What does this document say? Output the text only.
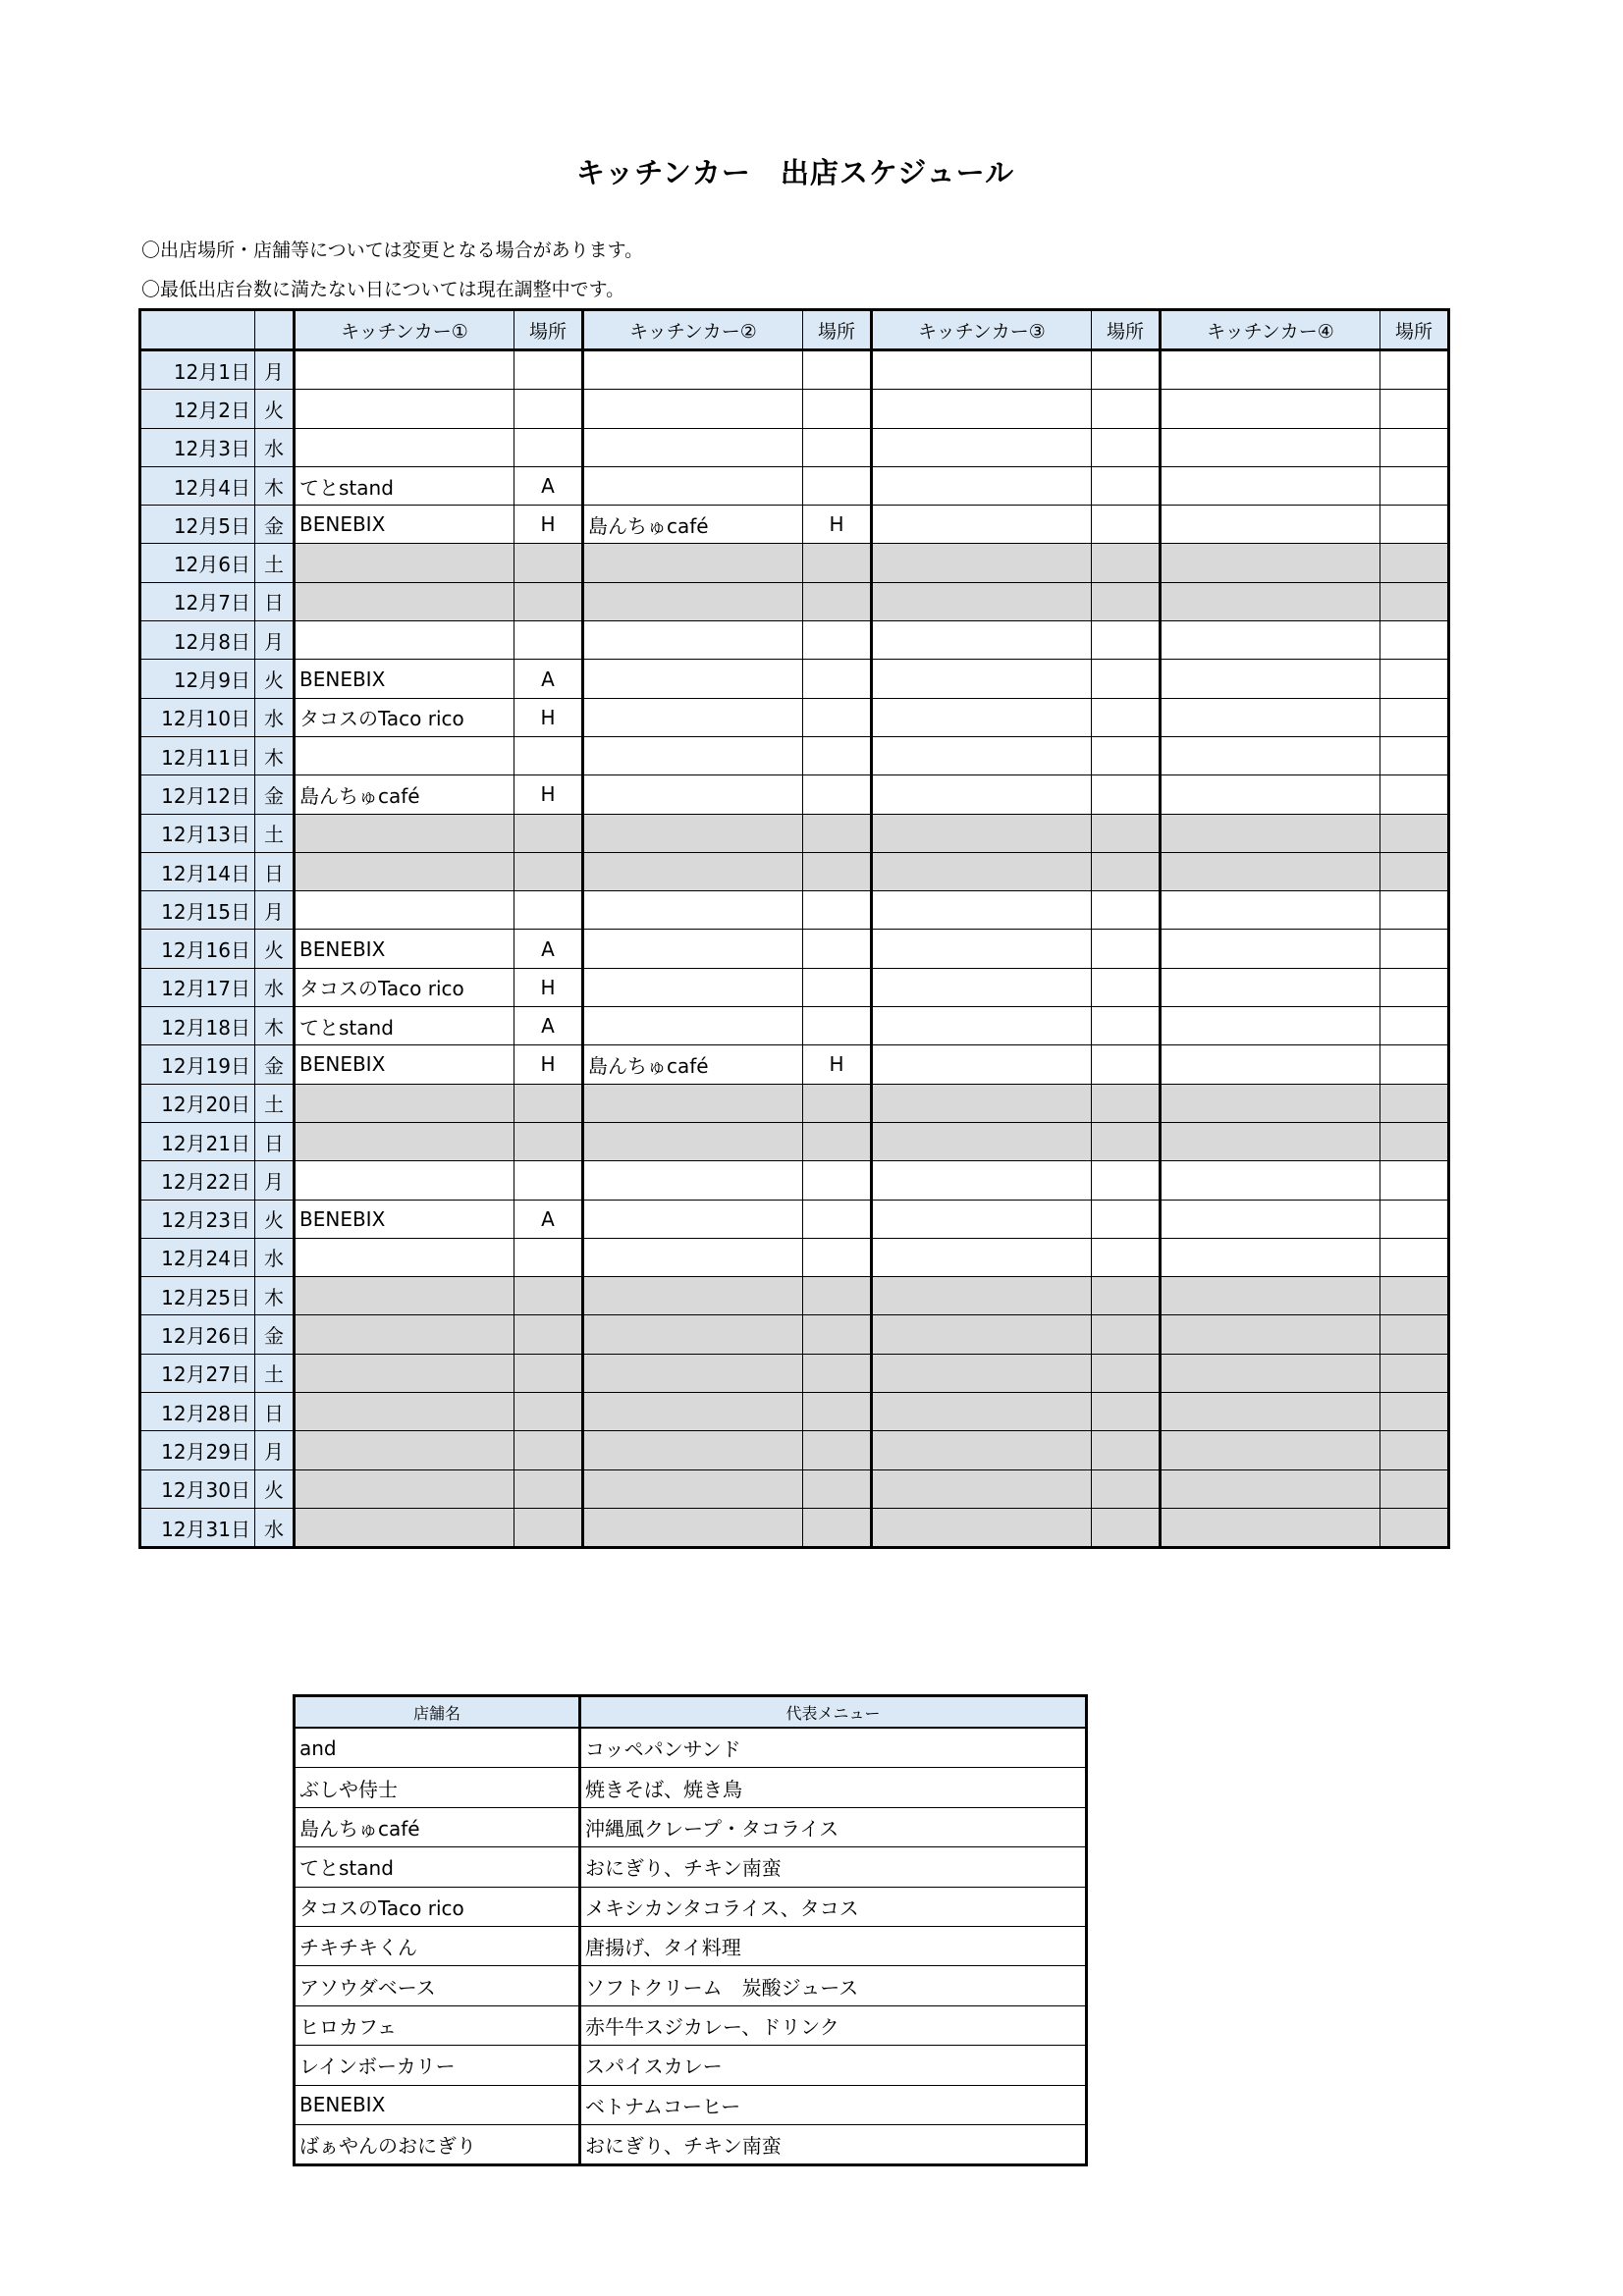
キッチンカー　出店スケジュール
〇出店場所・店舗等については変更となる場合があります。
〇最低出店台数に満たない日については現在調整中です。
		キッチンカー①	場所	キッチンカー②	場所	キッチンカー③	場所	キッチンカー④	場所
12月1日	月								
12月2日	火								
12月3日	水								
12月4日	木	てとstand	A						
12月5日	金	BENEBIX	H	島んちゅcafé	H				
12月6日	土								
12月7日	日								
12月8日	月								
12月9日	火	BENEBIX	A						
12月10日	水	タコスのTaco rico	H						
12月11日	木								
12月12日	金	島んちゅcafé	H						
12月13日	土								
12月14日	日								
12月15日	月								
12月16日	火	BENEBIX	A						
12月17日	水	タコスのTaco rico	H						
12月18日	木	てとstand	A						
12月19日	金	BENEBIX	H	島んちゅcafé	H				
12月20日	土								
12月21日	日								
12月22日	月								
12月23日	火	BENEBIX	A						
12月24日	水								
12月25日	木								
12月26日	金								
12月27日	土								
12月28日	日								
12月29日	月								
12月30日	火								
12月31日	水								
店舗名	代表メニュー
and	コッペパンサンド
ぶしや侍士	焼きそば、焼き鳥
島んちゅcafé	沖縄風クレープ・タコライス
てとstand	おにぎり、チキン南蛮
タコスのTaco rico	メキシカンタコライス、タコス
チキチキくん	唐揚げ、タイ料理
アソウダベース	ソフトクリーム　炭酸ジュース
ヒロカフェ	赤牛牛スジカレー、ドリンク
レインボーカリー	スパイスカレー
BENEBIX	ベトナムコーヒー
ばぁやんのおにぎり	おにぎり、チキン南蛮
